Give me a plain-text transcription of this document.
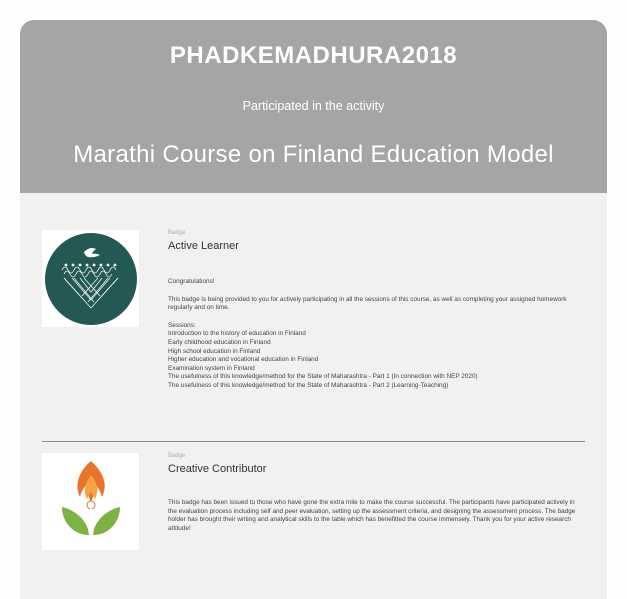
PHADKEMADHURA2018
Participated in the activity
Marathi Course on Finland Education Model
Badge
Active Learner

Congratulations!

This badge is being provided to you for actively participating in all the sessions of this course, as well as completing your assigned homework regularly and on time.

Sessions:

Introduction to the history of education in Finland

Early childhood education in Finland

High school education in Finland

Higher education and vocational education in Finland

Examination system in Finland

The usefulness of this knowledge/method for the State of Maharashtra - Part 1 (In connection with NEP 2020)

The usefulness of this knowledge/method for the State of Maharashtra - Part 2 (Learning-Teaching)

Badge
Creative Contributor

This badge has been issued to those who have gone the extra mile to make the course successful. The participants have participated actively in the evaluation process including self and peer evaluation, setting up the assessment criteria, and designing the assessment process. The badge holder has brought their writing and analytical skills to the table which has benefitted the course immensely. Thank you for your active research attitude!
